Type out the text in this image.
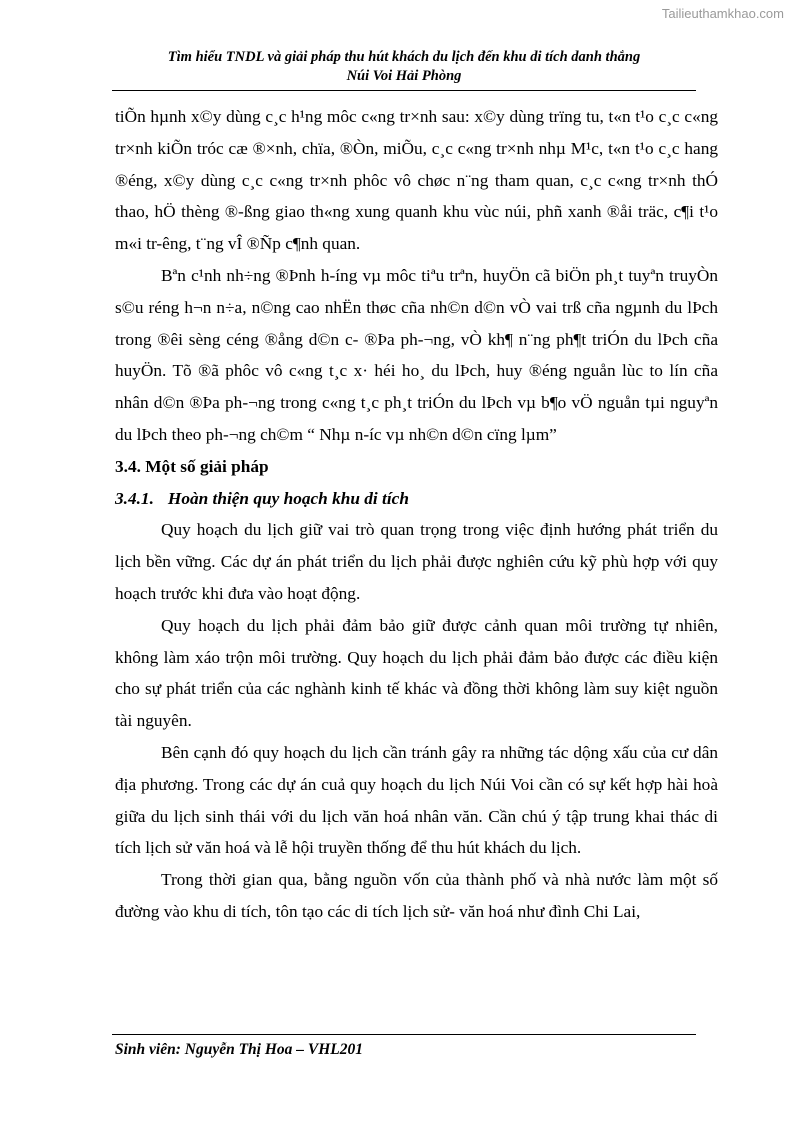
Tailieuthamkhao.com
Tìm hiểu TNDL và giải pháp thu hút khách du lịch đến khu di tích danh thắng
Núi Voi Hải Phòng

tiÕn hµnh x©y dùng c¸c h¹ng môc c«ng tr×nh sau: x©y dùng trïng tu, t«n t¹o c¸c c«ng tr×nh kiÕn tróc cæ ®×nh, chïa, ®Òn, miÕu, c¸c c«ng tr×nh nhµ M¹c, t«n t¹o c¸c hang ®éng, x©y dùng c¸c c«ng tr×nh phôc vô chøc n¨ng tham quan, c¸c c«ng tr×nh thÓ thao, hÖ thèng ®-ßng giao th«ng xung quanh khu vùc núi, phñ xanh ®åi träc, c¶i t¹o m«i tr-êng, t¨ng vÎ ®Ñp c¶nh quan.

Bªn c¹nh nh÷ng ®Þnh h-íng vµ môc tiªu trªn, huyÖn cã biÖn ph¸t tuyªn truyÒn s©u réng h¬n n÷a, n©ng cao nhËn thøc cña nh©n d©n vÒ vai trß cña ngµnh du lÞch trong ®êi sèng céng ®ång d©n c- ®Þa ph-¬ng, vÒ kh¶ n¨ng ph¶t triÓn du lÞch cña huyÖn. Tõ ®ã phôc vô c«ng t¸c x· héi ho¸ du lÞch, huy ®éng nguån lùc to lín cña nhân d©n ®Þa ph-¬ng trong c«ng t¸c ph¸t triÓn du lÞch vµ b¶o vÖ nguån tµi nguyªn du lÞch theo ph-¬ng ch©m “ Nhµ n-íc vµ nh©n d©n cïng lµm”

3.4. Một số giải pháp

3.4.1. Hoàn thiện quy hoạch khu di tích

Quy hoạch du lịch giữ vai trò quan trọng trong việc định hướng phát triển du lịch bền vững. Các dự án phát triển du lịch phải được nghiên cứu kỹ phù hợp với quy hoạch trước khi đưa vào hoạt động.

Quy hoạch du lịch phải đảm bảo giữ được cảnh quan môi trường tự nhiên, không làm xáo trộn môi trường. Quy hoạch du lịch phải đảm bảo được các điều kiện cho sự phát triển của các nghành kinh tế khác và đồng thời không làm suy kiệt nguồn tài nguyên.

Bên cạnh đó quy hoạch du lịch cần tránh gây ra những tác dộng xấu của cư dân địa phương. Trong các dự án cuả quy hoạch du lịch Núi Voi cần có sự kết hợp hài hoà giữa du lịch sinh thái với du lịch văn hoá nhân văn. Cần chú ý tập trung khai thác di tích lịch sử văn hoá và lễ hội truyền thống để thu hút khách du lịch.

Trong thời gian qua, bằng nguồn vốn của thành phố và nhà nước làm một số đường vào khu di tích, tôn tạo các di tích lịch sử- văn hoá như đình Chi Lai,

Sinh viên: Nguyễn Thị Hoa – VHL201
